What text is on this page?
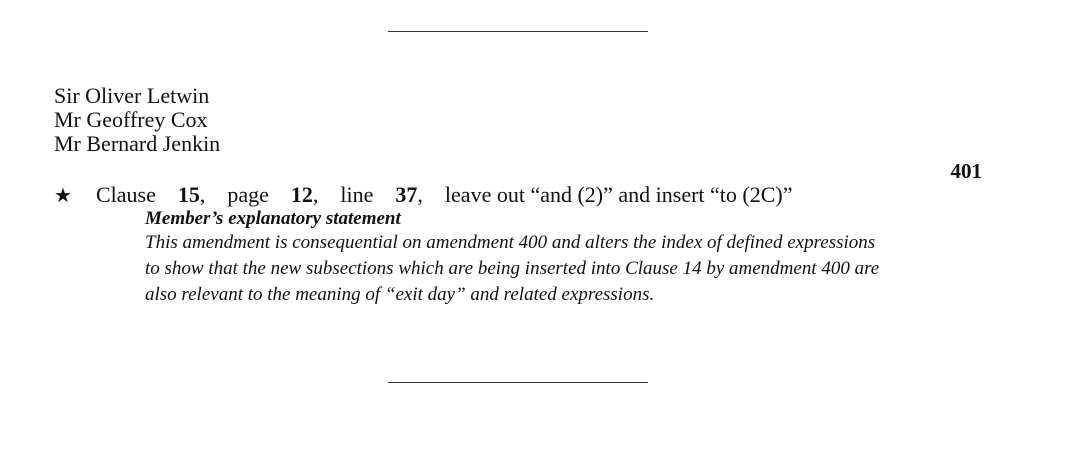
Sir Oliver Letwin
Mr Geoffrey Cox
Mr Bernard Jenkin
401
★ Clause 15, page 12, line 37, leave out “and (2)” and insert “to (2C)”
Member’s explanatory statement
This amendment is consequential on amendment 400 and alters the index of defined expressions
to show that the new subsections which are being inserted into Clause 14 by amendment 400 are
also relevant to the meaning of “exit day” and related expressions.
